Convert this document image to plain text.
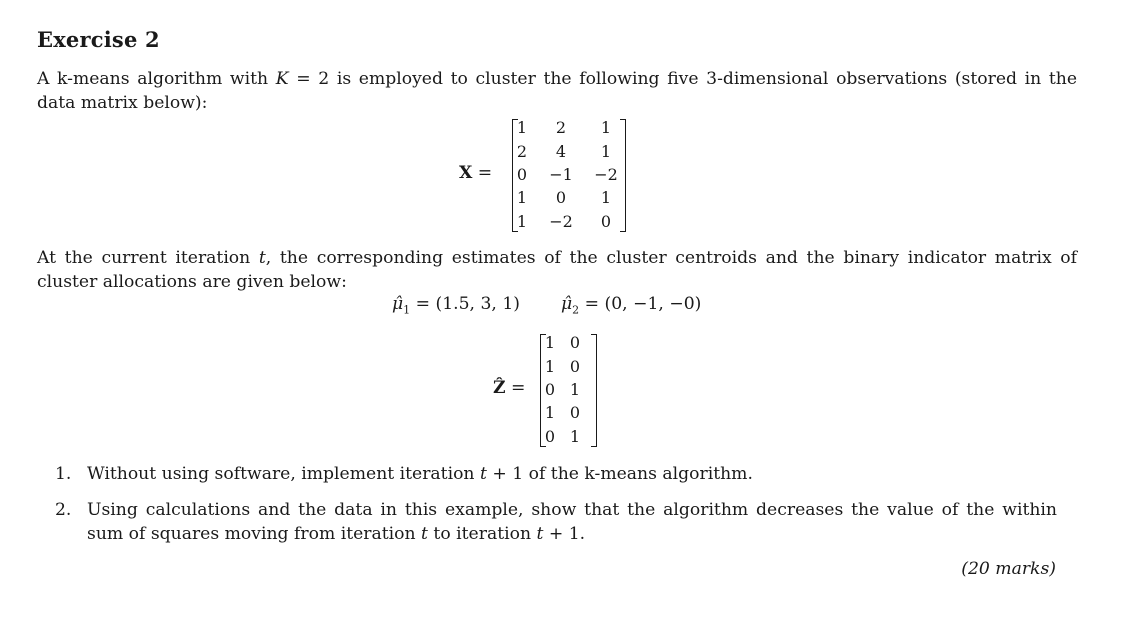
Exercise 2
A k-means algorithm with K = 2 is employed to cluster the following five 3-dimensional observations (stored in the data matrix below):
X =
1	2	1
2	4	1
0	−1	−2
1	0	1
1	−2	0
At the current iteration t, the corresponding estimates of the cluster centroids and the binary indicator matrix of cluster allocations are given below:
$\mû_1 = (1.5$, 3, 1) $\mû_2 = (0$, −1, −0)
Ẑ =
1	0
1	0
0	1
1	0
0	1
1. Without using software, implement iteration t + 1 of the k-means algorithm.
2. Using calculations and the data in this example, show that the algorithm decreases the value of the within sum of squares moving from iteration t to iteration t + 1.
(20 marks)
